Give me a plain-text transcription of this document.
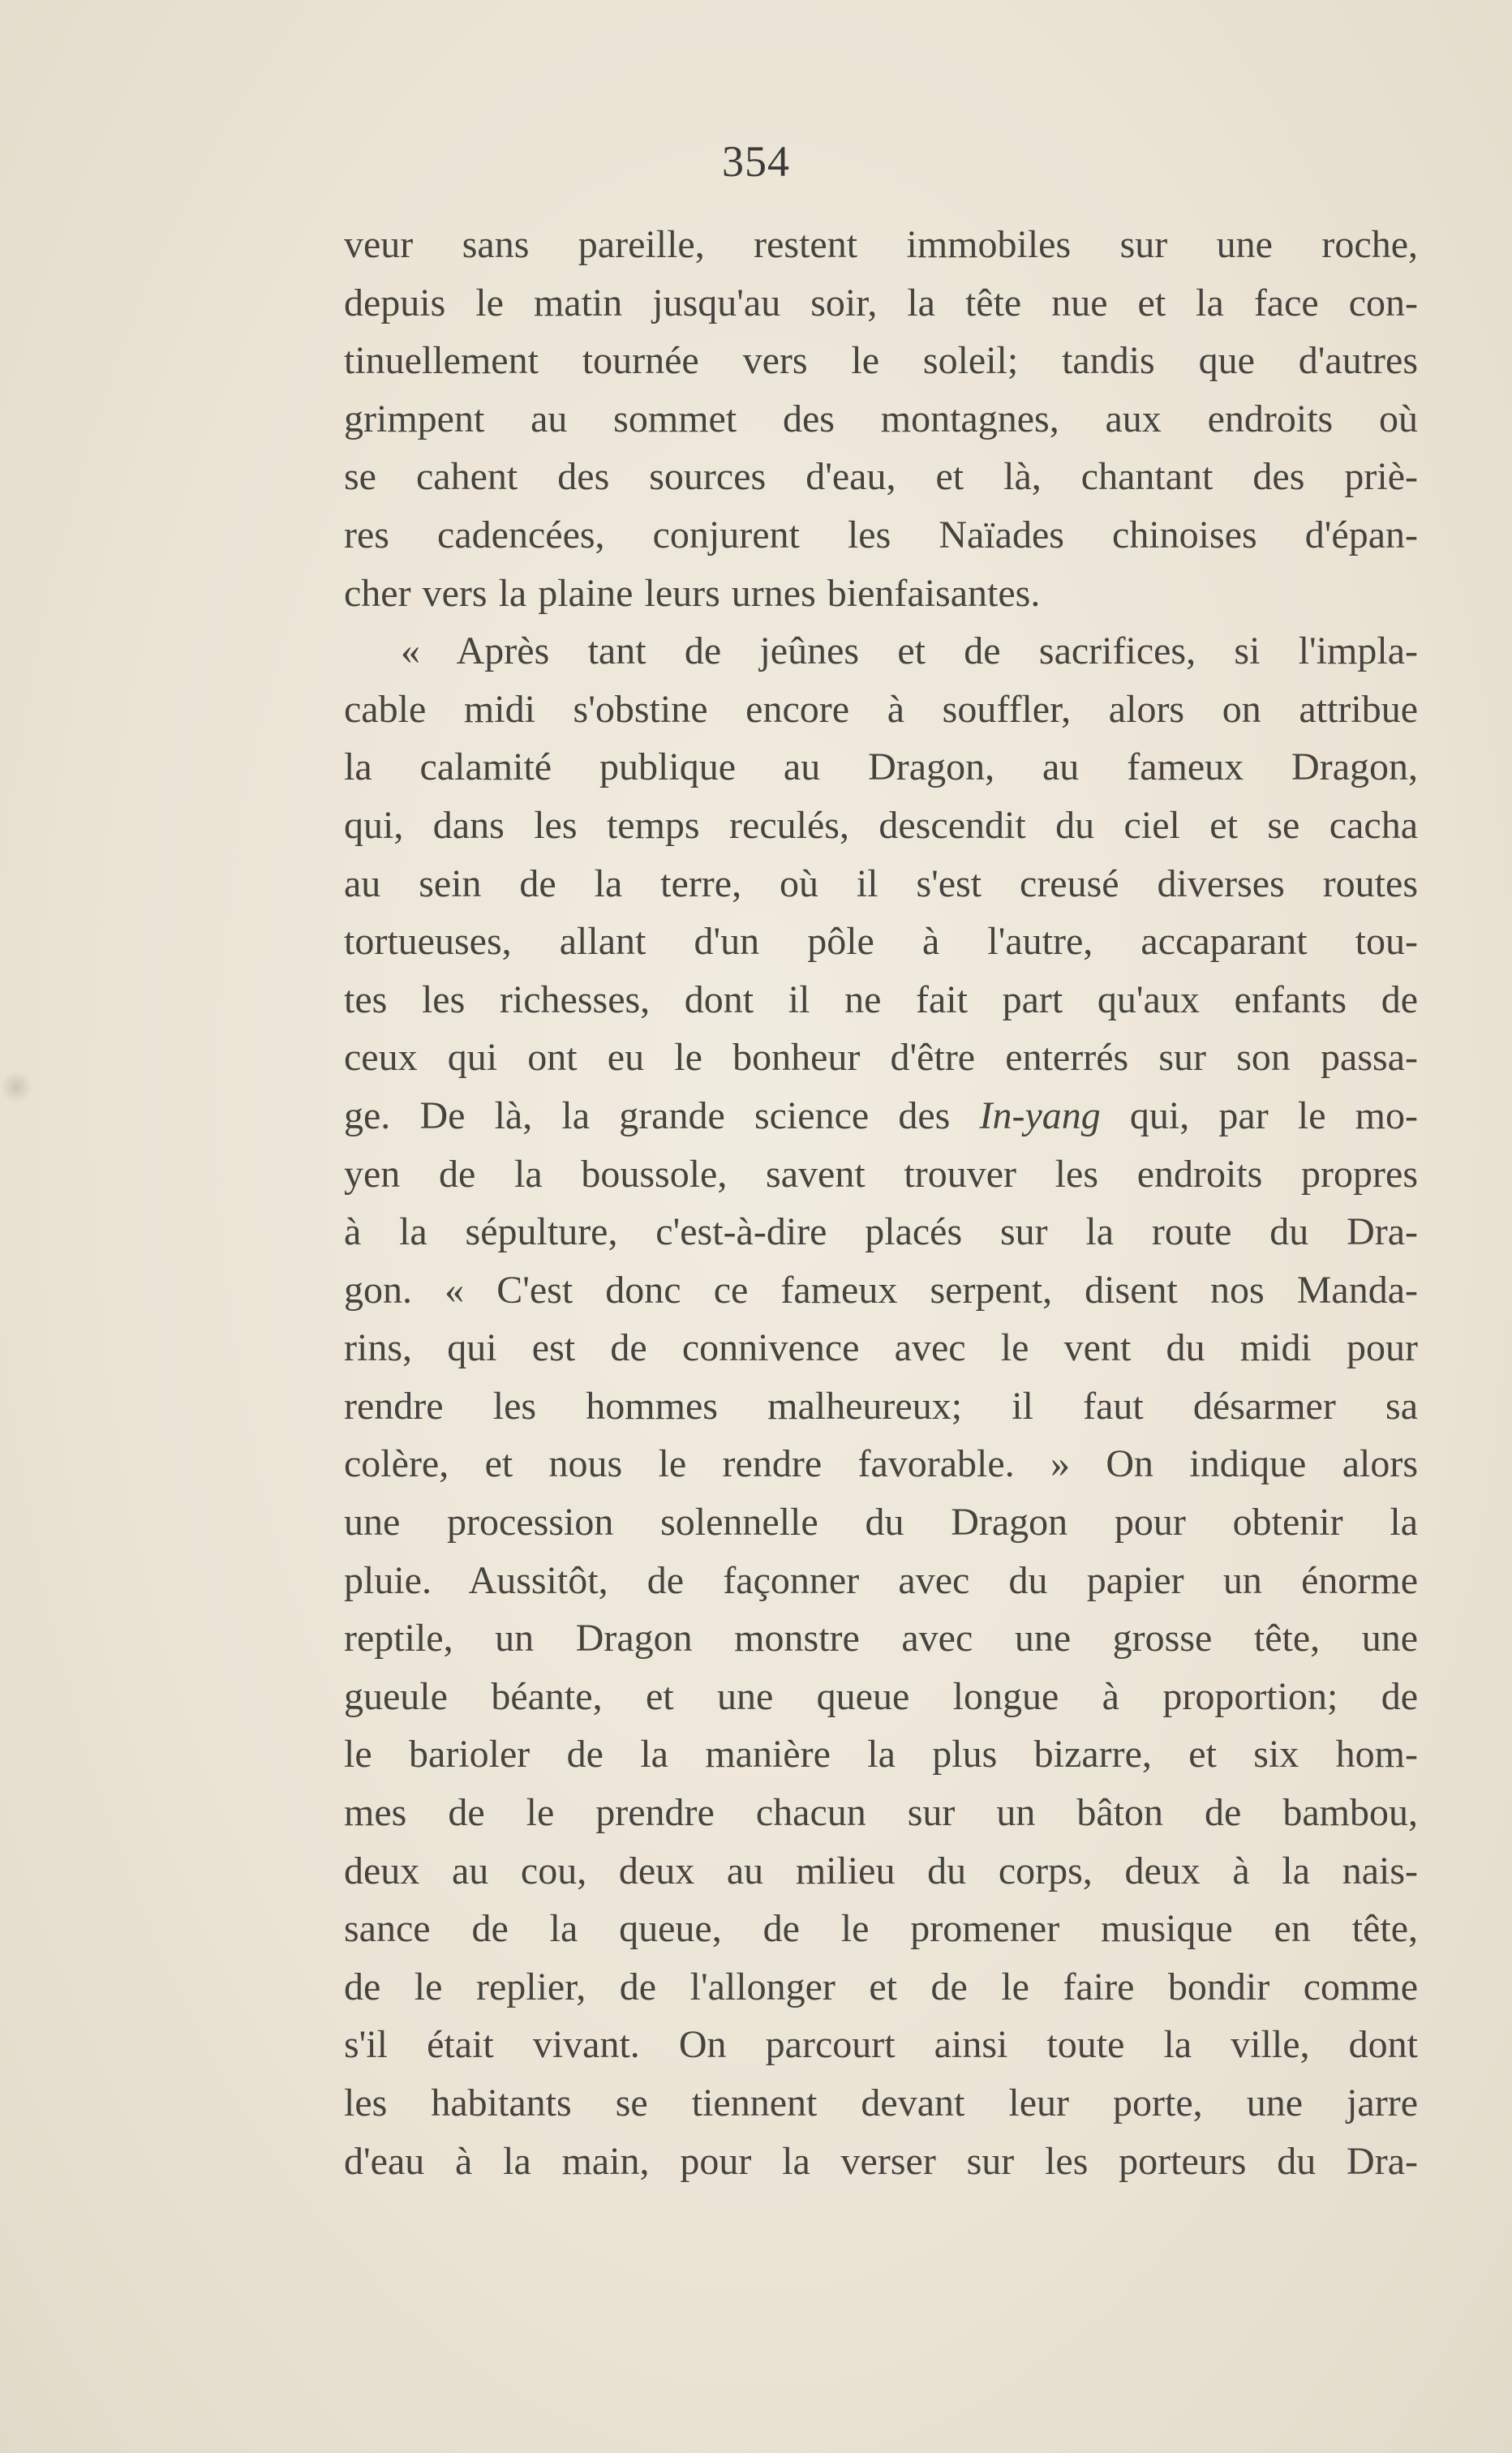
354
veur sans pareille, restent immobiles sur une roche,
depuis le matin jusqu'au soir, la tête nue et la face con-
tinuellement tournée vers le soleil; tandis que d'autres
grimpent au sommet des montagnes, aux endroits où
se cahent des sources d'eau, et là, chantant des priè-
res cadencées, conjurent les Naïades chinoises d'épan-
cher vers la plaine leurs urnes bienfaisantes.
« Après tant de jeûnes et de sacrifices, si l'impla-
cable midi s'obstine encore à souffler, alors on attribue
la calamité publique au Dragon, au fameux Dragon,
qui, dans les temps reculés, descendit du ciel et se cacha
au sein de la terre, où il s'est creusé diverses routes
tortueuses, allant d'un pôle à l'autre, accaparant tou-
tes les richesses, dont il ne fait part qu'aux enfants de
ceux qui ont eu le bonheur d'être enterrés sur son passa-
ge. De là, la grande science des In-yang qui, par le mo-
yen de la boussole, savent trouver les endroits propres
à la sépulture, c'est-à-dire placés sur la route du Dra-
gon. « C'est donc ce fameux serpent, disent nos Manda-
rins, qui est de connivence avec le vent du midi pour
rendre les hommes malheureux; il faut désarmer sa
colère, et nous le rendre favorable. » On indique alors
une procession solennelle du Dragon pour obtenir la
pluie. Aussitôt, de façonner avec du papier un énorme
reptile, un Dragon monstre avec une grosse tête, une
gueule béante, et une queue longue à proportion; de
le barioler de la manière la plus bizarre, et six hom-
mes de le prendre chacun sur un bâton de bambou,
deux au cou, deux au milieu du corps, deux à la nais-
sance de la queue, de le promener musique en tête,
de le replier, de l'allonger et de le faire bondir comme
s'il était vivant. On parcourt ainsi toute la ville, dont
les habitants se tiennent devant leur porte, une jarre
d'eau à la main, pour la verser sur les porteurs du Dra-
